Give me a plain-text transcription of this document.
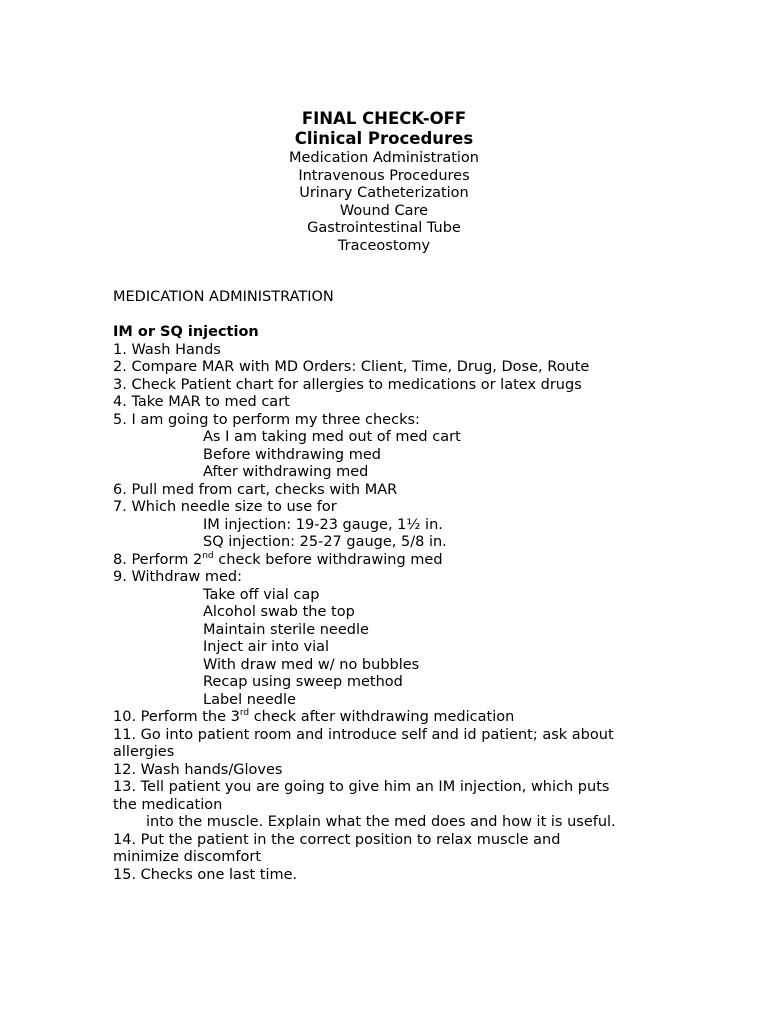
FINAL CHECK-OFF
Clinical Procedures
Medication Administration
Intravenous Procedures
Urinary Catheterization
Wound Care
Gastrointestinal Tube
Traceostomy
MEDICATION ADMINISTRATION
IM or SQ injection
1. Wash Hands
2. Compare MAR with MD Orders: Client, Time, Drug, Dose, Route
3. Check Patient chart for allergies to medications or latex drugs
4. Take MAR to med cart
5. I am going to perform my three checks:
As I am taking med out of med cart
Before withdrawing med
After withdrawing med
6. Pull med from cart, checks with MAR
7. Which needle size to use for
IM injection: 19-23 gauge, 1½ in.
SQ injection: 25-27 gauge, 5/8 in.
8. Perform 2nd check before withdrawing med
9. Withdraw med:
Take off vial cap
Alcohol swab the top
Maintain sterile needle
Inject air into vial
With draw med w/ no bubbles
Recap using sweep method
Label needle
10. Perform the 3rd check after withdrawing medication
11. Go into patient room and introduce self and id patient; ask about
allergies
12. Wash hands/Gloves
13. Tell patient you are going to give him an IM injection, which puts
the medication
into the muscle. Explain what the med does and how it is useful.
14. Put the patient in the correct position to relax muscle and
minimize discomfort
15. Checks one last time.
